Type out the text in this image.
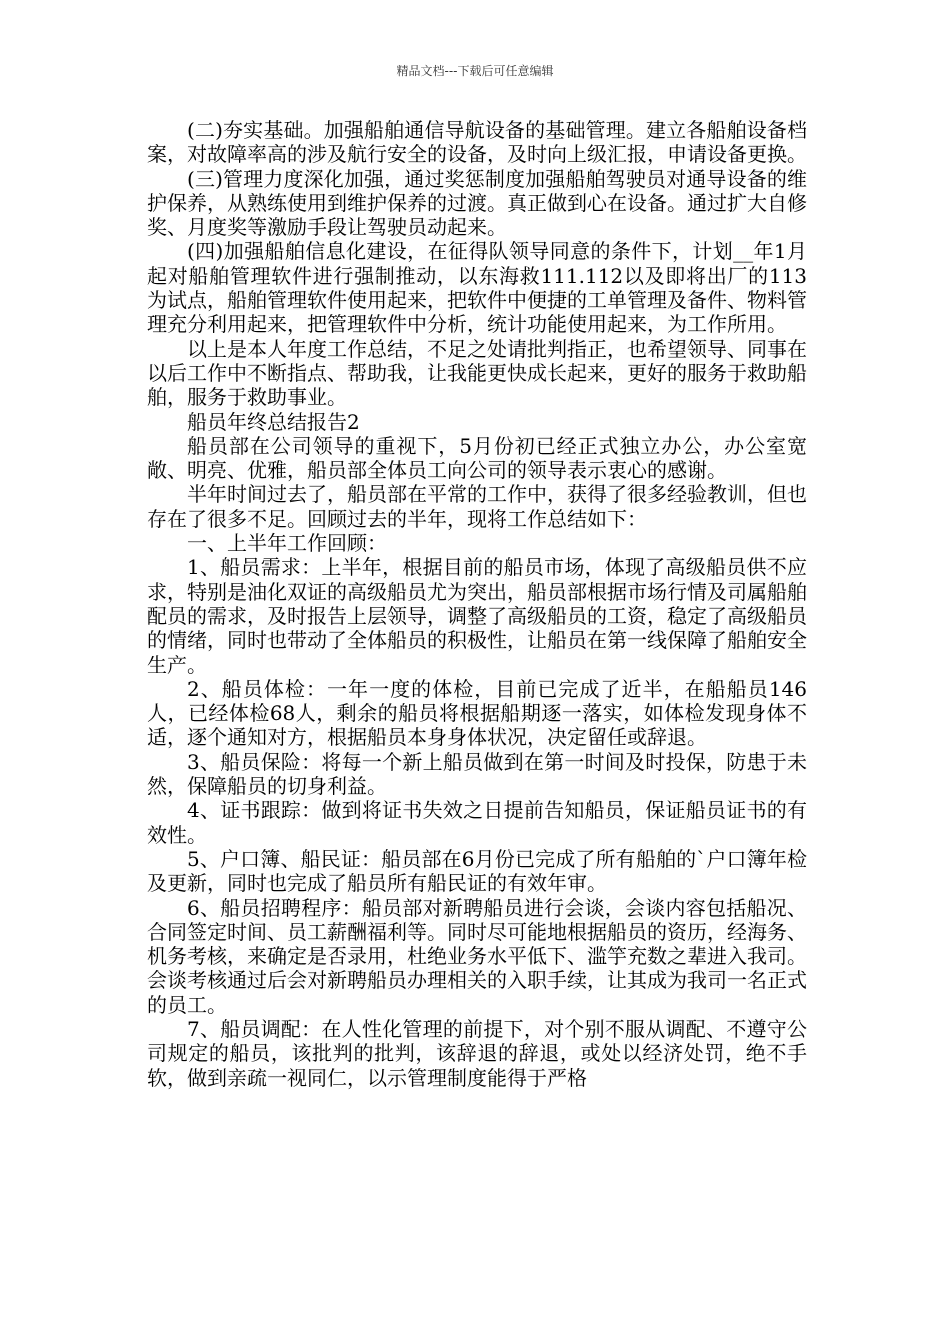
精品文档---下载后可任意编辑

(二)夯实基础。加强船舶通信导航设备的基础管理。建立各船舶设备档案，对故障率高的涉及航行安全的设备，及时向上级汇报，申请设备更换。

(三)管理力度深化加强，通过奖惩制度加强船舶驾驶员对通导设备的维护保养，从熟练使用到维护保养的过渡。真正做到心在设备。通过扩大自修奖、月度奖等激励手段让驾驶员动起来。

(四)加强船舶信息化建设，在征得队领导同意的条件下，计划__年1月起对船舶管理软件进行强制推动，以东海救111.112以及即将出厂的113为试点，船舶管理软件使用起来，把软件中便捷的工单管理及备件、物料管理充分利用起来，把管理软件中分析，统计功能使用起来，为工作所用。

以上是本人年度工作总结，不足之处请批判指正，也希望领导、同事在以后工作中不断指点、帮助我，让我能更快成长起来，更好的服务于救助船舶，服务于救助事业。

船员年终总结报告2

船员部在公司领导的重视下，5月份初已经正式独立办公，办公室宽敞、明亮、优雅，船员部全体员工向公司的领导表示衷心的感谢。

半年时间过去了，船员部在平常的工作中，获得了很多经验教训，但也存在了很多不足。回顾过去的半年，现将工作总结如下：

一、上半年工作回顾：

1、船员需求：上半年，根据目前的船员市场，体现了高级船员供不应求，特别是油化双证的高级船员尤为突出，船员部根据市场行情及司属船舶配员的需求，及时报告上层领导，调整了高级船员的工资，稳定了高级船员的情绪，同时也带动了全体船员的积极性，让船员在第一线保障了船舶安全生产。

2、船员体检：一年一度的体检，目前已完成了近半，在船船员146人，已经体检68人，剩余的船员将根据船期逐一落实，如体检发现身体不适，逐个通知对方，根据船员本身身体状况，决定留任或辞退。

3、船员保险：将每一个新上船员做到在第一时间及时投保，防患于未然，保障船员的切身利益。

4、证书跟踪：做到将证书失效之日提前告知船员，保证船员证书的有效性。

5、户口簿、船民证：船员部在6月份已完成了所有船舶的`户口簿年检及更新，同时也完成了船员所有船民证的有效年审。

6、船员招聘程序：船员部对新聘船员进行会谈，会谈内容包括船况、合同签定时间、员工薪酬福利等。同时尽可能地根据船员的资历，经海务、机务考核，来确定是否录用，杜绝业务水平低下、滥竽充数之辈进入我司。会谈考核通过后会对新聘船员办理相关的入职手续，让其成为我司一名正式的员工。

7、船员调配：在人性化管理的前提下，对个别不服从调配、不遵守公司规定的船员，该批判的批判，该辞退的辞退，或处以经济处罚，绝不手软，做到亲疏一视同仁，以示管理制度能得于严格
